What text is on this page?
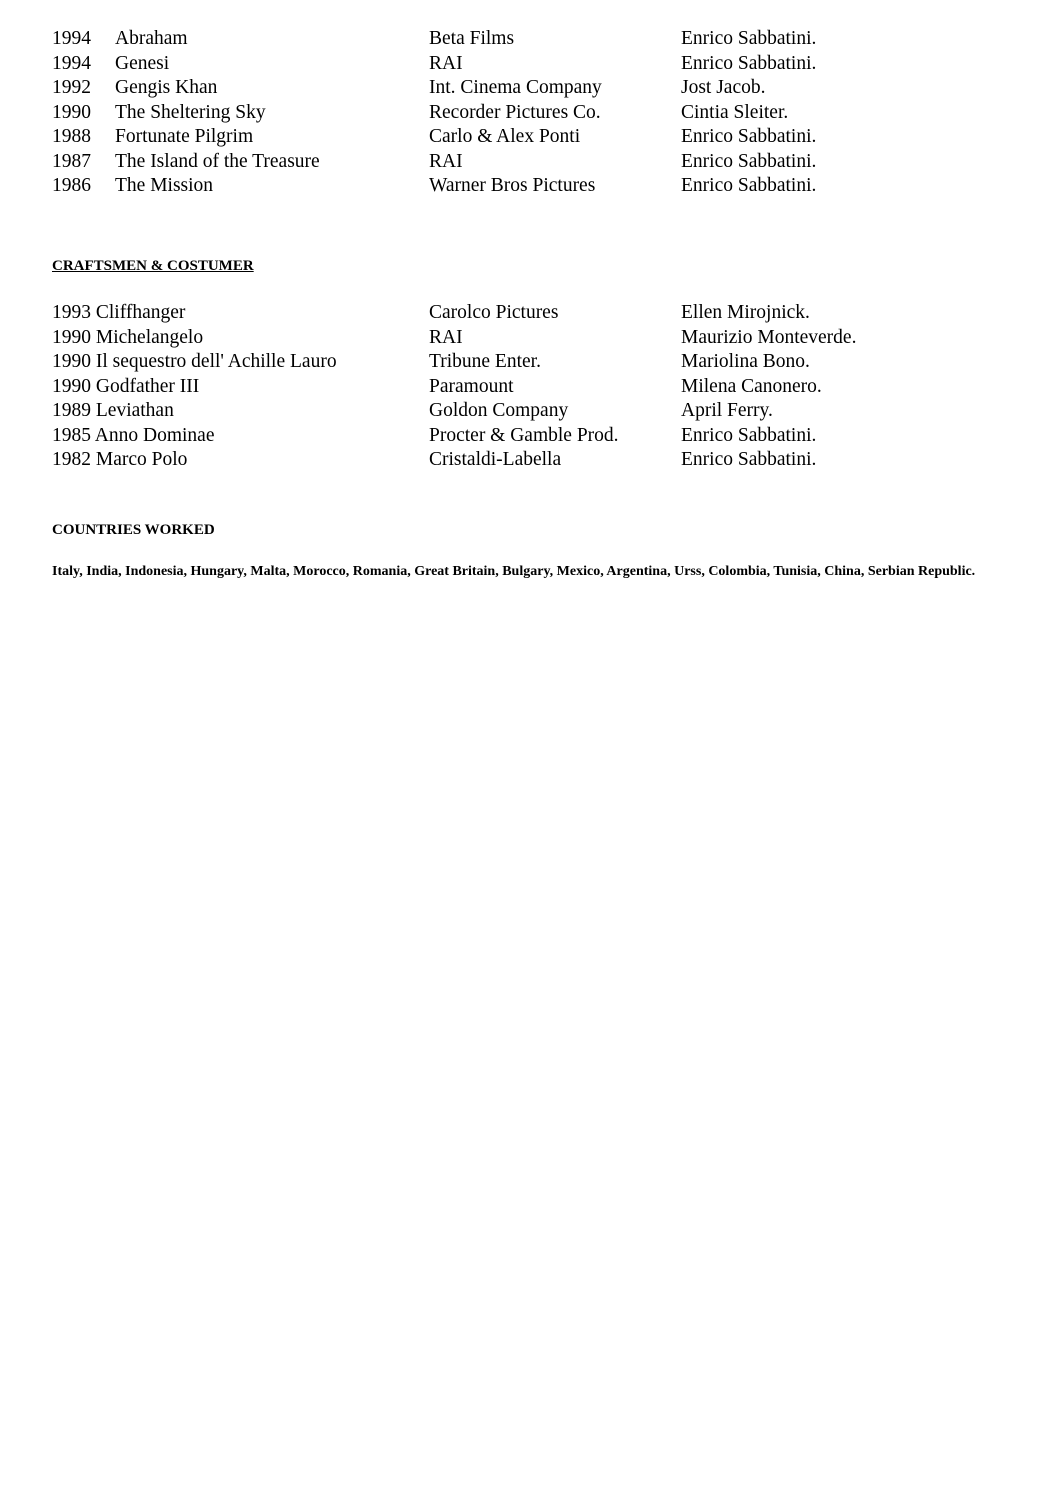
1994 Abraham	Beta Films	Enrico Sabbatini.
1994 Genesi	RAI	Enrico Sabbatini.
1992 Gengis Khan	Int. Cinema Company	Jost Jacob.
1990 The Sheltering Sky	Recorder Pictures Co.	Cintia Sleiter.
1988 Fortunate Pilgrim	Carlo & Alex Ponti	Enrico Sabbatini.
1987 The Island of the Treasure	RAI	Enrico Sabbatini.
1986 The Mission	Warner Bros Pictures	Enrico Sabbatini.
CRAFTSMEN & COSTUMER
1993 Cliffhanger	Carolco Pictures	Ellen Mirojnick.
1990 Michelangelo	RAI	Maurizio Monteverde.
1990 Il sequestro dell' Achille Lauro	Tribune Enter.	Mariolina Bono.
1990 Godfather III	Paramount	Milena Canonero.
1989 Leviathan	Goldon Company	April Ferry.
1985 Anno Dominae	Procter & Gamble Prod.	Enrico Sabbatini.
1982 Marco Polo	Cristaldi-Labella	Enrico Sabbatini.
COUNTRIES WORKED
Italy, India, Indonesia, Hungary, Malta, Morocco, Romania, Great Britain, Bulgary, Mexico, Argentina, Urss, Colombia, Tunisia, China, Serbian Republic.
